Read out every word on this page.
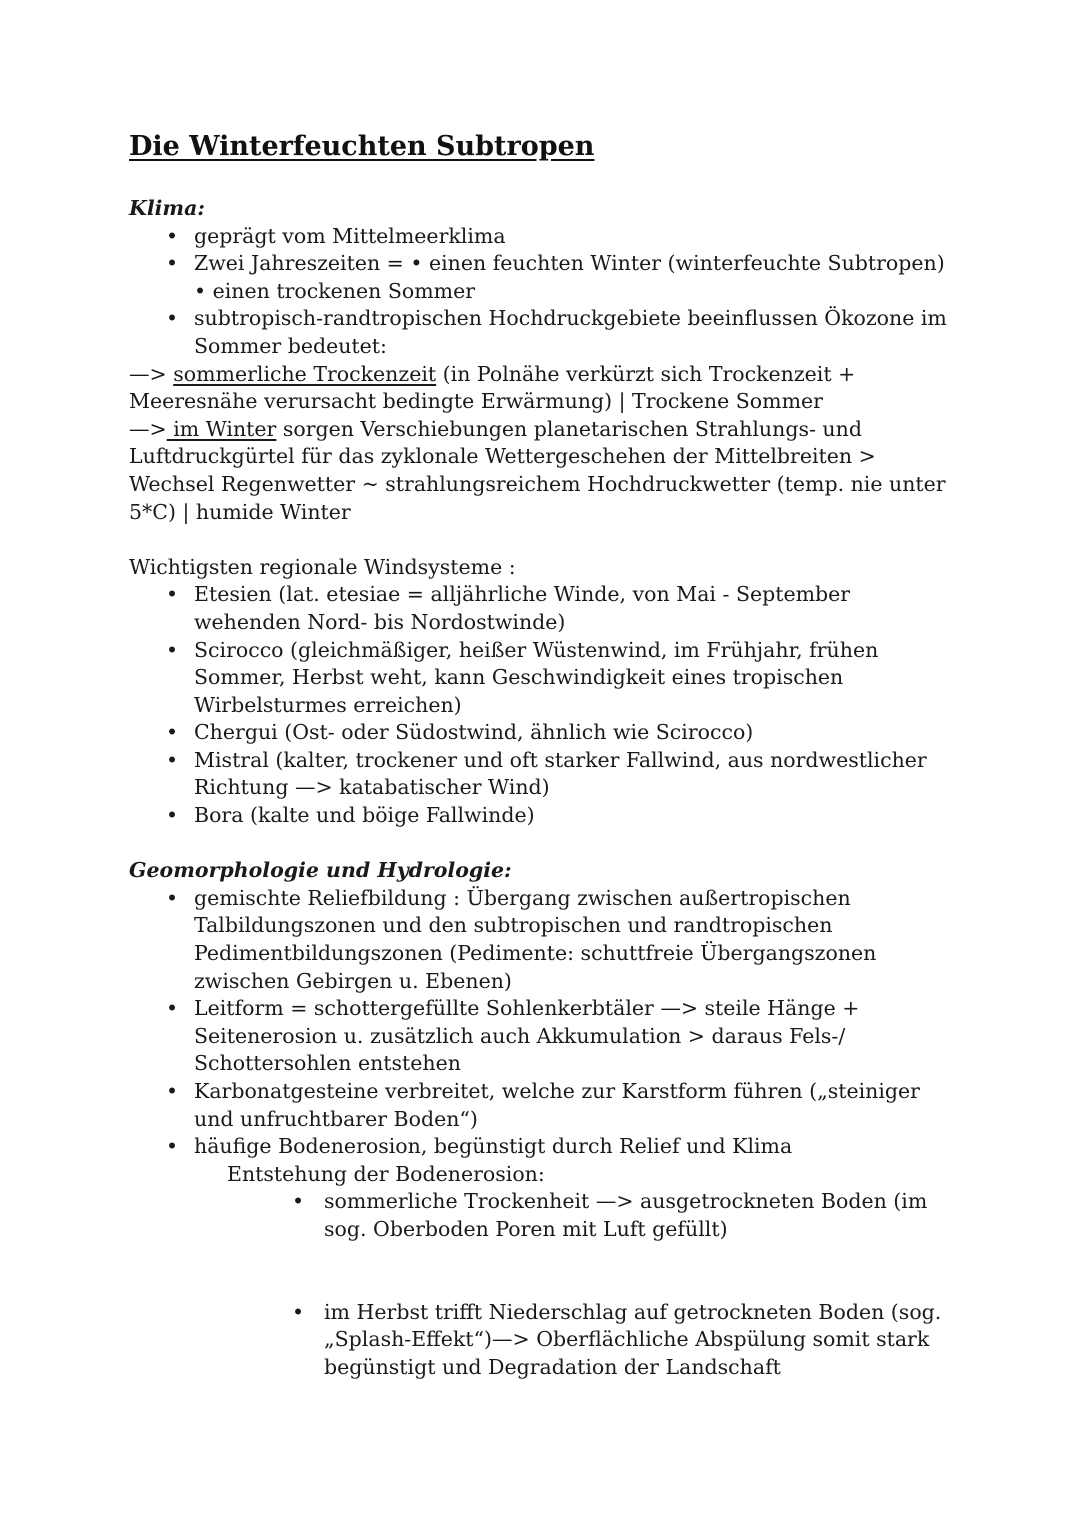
Die Winterfeuchten Subtropen
Klima:
• geprägt vom Mittelmeerklima
• Zwei Jahreszeiten = • einen feuchten Winter (winterfeuchte Subtropen) • einen trockenen Sommer
• subtropisch-randtropischen Hochdruckgebiete beeinflussen Ökozone im Sommer bedeutet:

—> sommerliche Trockenzeit (in Polnähe verkürzt sich Trockenzeit + Meeresnähe verursacht bedingte Erwärmung) | Trockene Sommer

—> im Winter sorgen Verschiebungen planetarischen Strahlungs- und Luftdruckgürtel für das zyklonale Wettergeschehen der Mittelbreiten > Wechsel Regenwetter ~ strahlungsreichem Hochdruckwetter (temp. nie unter 5*C) | humide Winter

Wichtigsten regionale Windsysteme :

• Etesien (lat. etesiae = alljährliche Winde, von Mai - September wehenden Nord- bis Nordostwinde)
• Scirocco (gleichmäßiger, heißer Wüstenwind, im Frühjahr, frühen Sommer, Herbst weht, kann Geschwindigkeit eines tropischen Wirbelsturmes erreichen)
• Chergui (Ost- oder Südostwind, ähnlich wie Scirocco)
• Mistral (kalter, trockener und oft starker Fallwind, aus nordwestlicher Richtung —> katabatischer Wind)
• Bora (kalte und böige Fallwinde)
Geomorphologie und Hydrologie:
• gemischte Reliefbildung : Übergang zwischen außertropischen Talbildungszonen und den subtropischen und randtropischen Pedimentbildungszonen (Pedimente: schuttfreie Übergangszonen zwischen Gebirgen u. Ebenen)
• Leitform = schottergefüllte Sohlenkerbtäler —> steile Hänge + Seitenerosion u. zusätzlich auch Akkumulation > daraus Fels-/ Schottersohlen entstehen
• Karbonatgesteine verbreitet, welche zur Karstform führen („steiniger und unfruchtbarer Boden“)
• häufige Bodenerosion, begünstigt durch Relief und Klima

Entstehung der Bodenerosion:

• sommerliche Trockenheit —> ausgetrockneten Boden (im sog. Oberboden Poren mit Luft gefüllt)
• im Herbst trifft Niederschlag auf getrockneten Boden (sog. „Splash-Effekt“)—> Oberflächliche Abspülung somit stark begünstigt und Degradation der Landschaft
